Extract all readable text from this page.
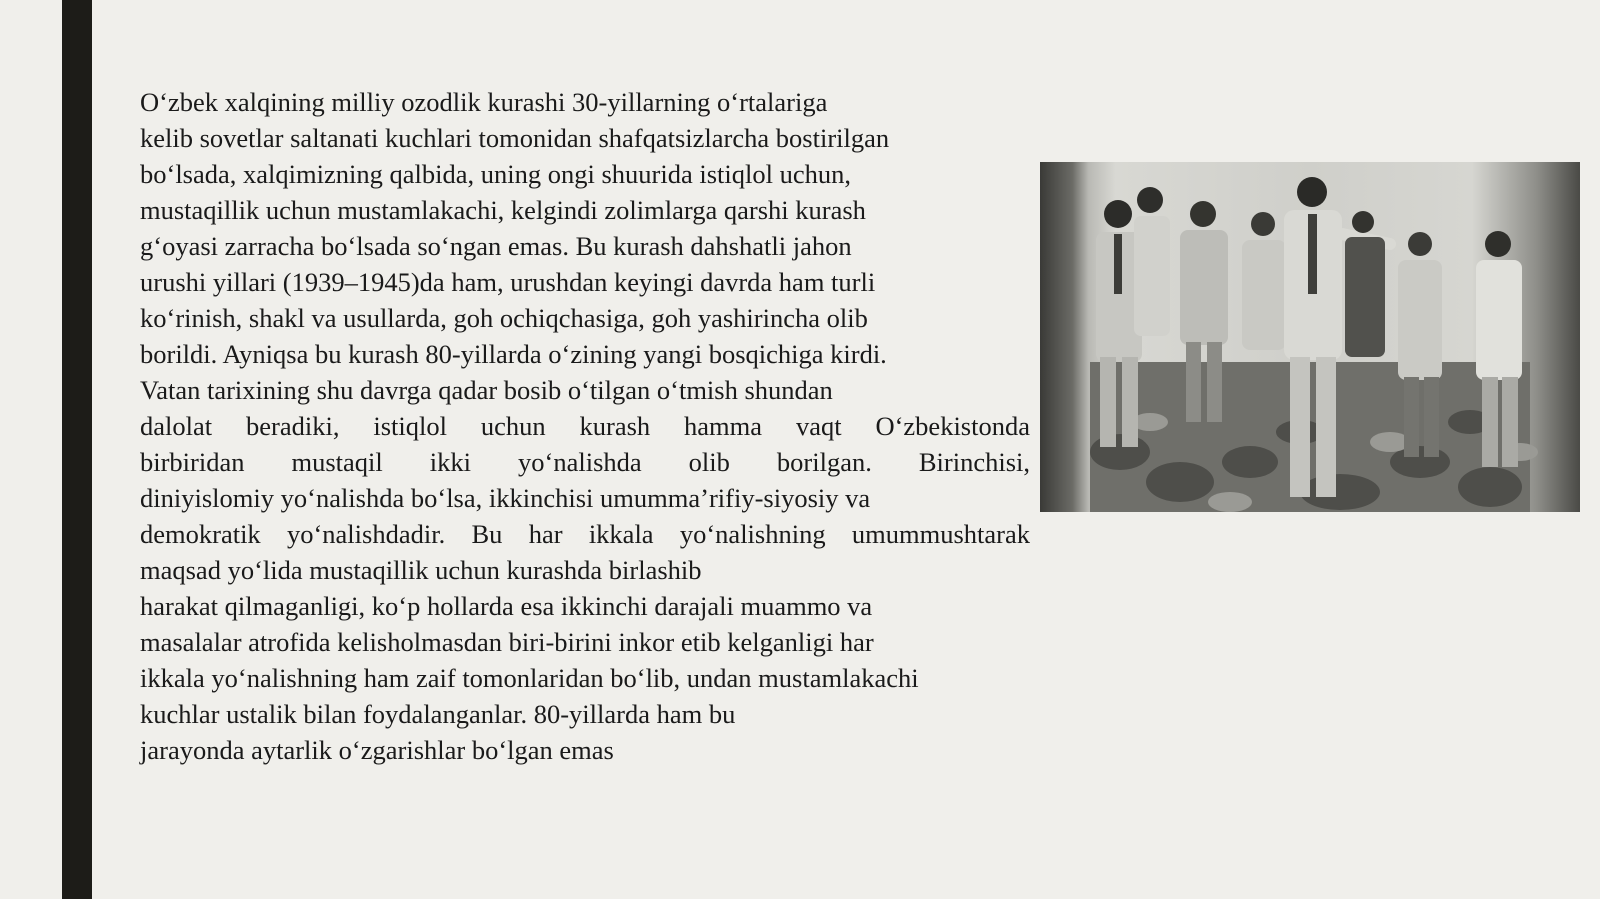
O‘zbek xalqining milliy ozodlik kurashi 30-yillarning o‘rtalariga
kelib sovetlar saltanati kuchlari tomonidan shafqatsizlarcha bostirilgan
bo‘lsada, xalqimizning qalbida, uning ongi shuurida istiqlol uchun,
mustaqillik uchun mustamlakachi, kelgindi zolimlarga qarshi kurash
g‘oyasi zarracha bo‘lsada so‘ngan emas. Bu kurash dahshatli jahon
urushi yillari (1939–1945)da ham, urushdan keyingi davrda ham turli
ko‘rinish, shakl va usullarda, goh ochiqchasiga, goh yashirincha olib
borildi. Ayniqsa bu kurash 80-yillarda o‘zining yangi bosqichiga kirdi.
Vatan tarixining shu davrga qadar bosib o‘tilgan o‘tmish shundan
dalolat beradiki, istiqlol uchun kurash hamma vaqt O‘zbekistonda
birbiridan mustaqil ikki yo‘nalishda olib borilgan. Birinchisi,
diniyislomiy yo‘nalishda bo‘lsa, ikkinchisi umumma’rifiy-siyosiy va
demokratik yo‘nalishdadir. Bu har ikkala yo‘nalishning umummushtarak
maqsad yo‘lida mustaqillik uchun kurashda birlashib
harakat qilmaganligi, ko‘p hollarda esa ikkinchi darajali muammo va
masalalar atrofida kelisholmasdan biri-birini inkor etib kelganligi har
ikkala yo‘nalishning ham zaif tomonlaridan bo‘lib, undan mustamlakachi
kuchlar ustalik bilan foydalanganlar. 80-yillarda ham bu
jarayonda aytarlik o‘zgarishlar bo‘lgan emas
